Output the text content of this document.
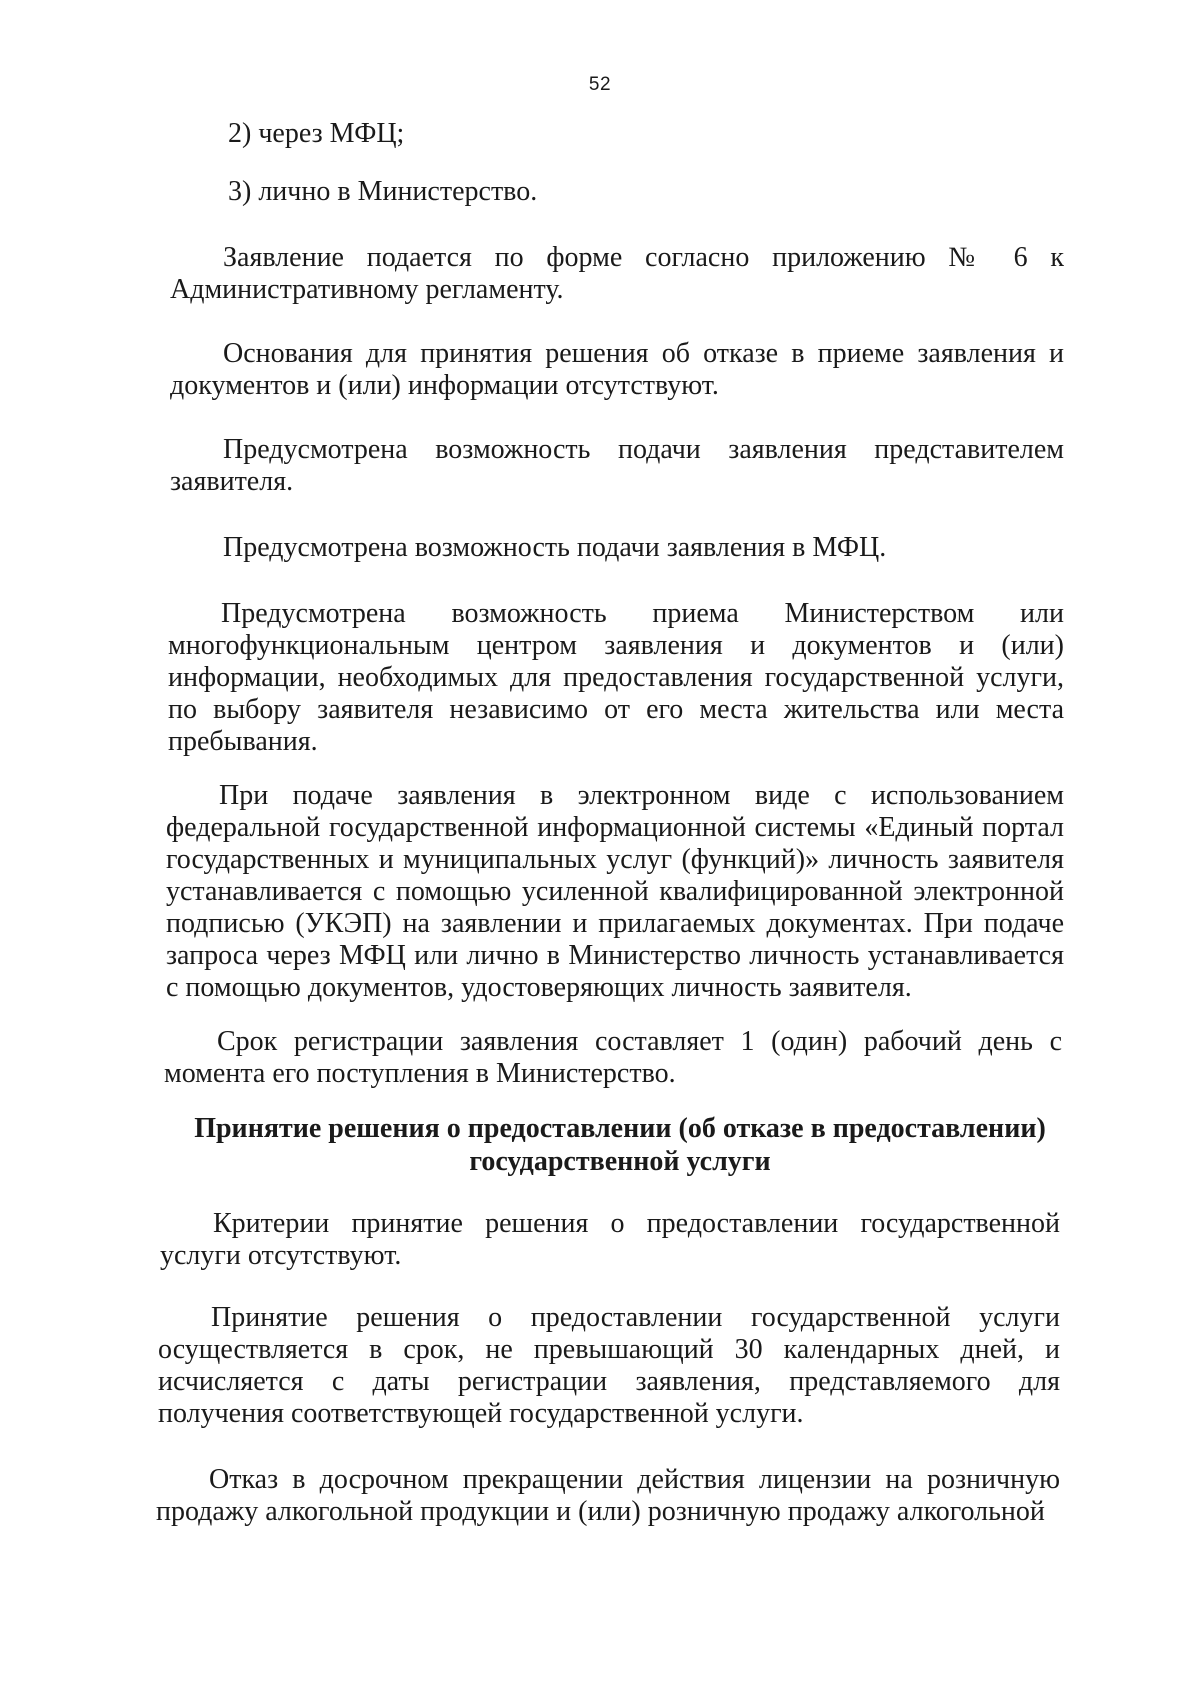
52

2) через МФЦ;

3) лично в Министерство.

Заявление подается по форме согласно приложению № 6 к Административному регламенту.

Основания для принятия решения об отказе в приеме заявления и документов и (или) информации отсутствуют.

Предусмотрена возможность подачи заявления представителем заявителя.

Предусмотрена возможность подачи заявления в МФЦ.

Предусмотрена возможность приема Министерством или многофункциональным центром заявления и документов и (или) информации, необходимых для предоставления государственной услуги, по выбору заявителя независимо от его места жительства или места пребывания.

При подаче заявления в электронном виде с использованием федеральной государственной информационной системы «Единый портал государственных и муниципальных услуг (функций)» личность заявителя устанавливается с помощью усиленной квалифицированной электронной подписью (УКЭП) на заявлении и прилагаемых документах. При подаче запроса через МФЦ или лично в Министерство личность устанавливается с помощью документов, удостоверяющих личность заявителя.

Срок регистрации заявления составляет 1 (один) рабочий день с момента его поступления в Министерство.

Принятие решения о предоставлении (об отказе в предоставлении)

государственной услуги

Критерии принятие решения о предоставлении государственной услуги отсутствуют.

Принятие решения о предоставлении государственной услуги осуществляется в срок, не превышающий 30 календарных дней, и исчисляется с даты регистрации заявления, представляемого для получения соответствующей государственной услуги.

Отказ в досрочном прекращении действия лицензии на розничную продажу алкогольной продукции и (или) розничную продажу алкогольной
